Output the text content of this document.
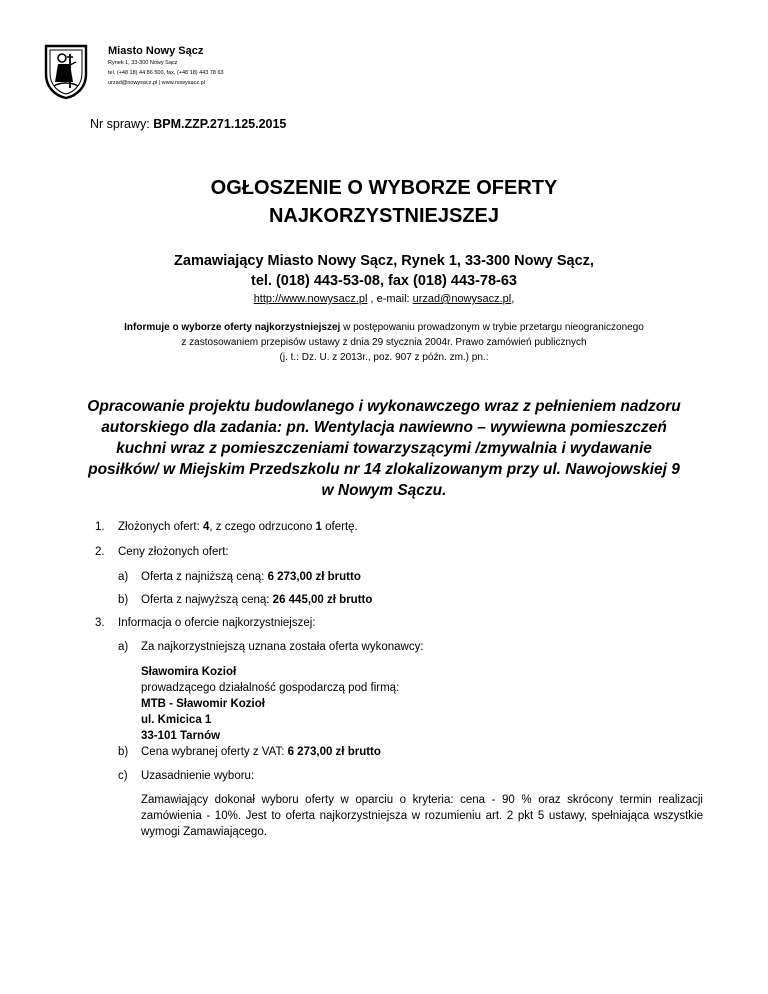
Miasto Nowy Sącz
Rynek 1, 33-300 Nowy Sącz
tel. (+48 18) 44 86 500, fax. (+48 18) 443 78 63
urzad@nowysacz.pl | www.nowysacz.pl
Nr sprawy: BPM.ZZP.271.125.2015
OGŁOSZENIE O WYBORZE OFERTY
NAJKORZYSTNIEJSZEJ
Zamawiający Miasto Nowy Sącz, Rynek 1, 33-300 Nowy Sącz,
tel. (018) 443-53-08, fax (018) 443-78-63
http://www.nowysacz.pl , e-mail: urzad@nowysacz.pl,
Informuje o wyborze oferty najkorzystniejszej w postępowaniu prowadzonym w trybie przetargu nieograniczonego
z zastosowaniem przepisów ustawy z dnia 29 stycznia 2004r. Prawo zamówień publicznych
(j. t.: Dz. U. z 2013r., poz. 907 z późn. zm.) pn.:
Opracowanie projektu budowlanego i wykonawczego wraz z pełnieniem nadzoru
autorskiego dla zadania: pn. Wentylacja nawiewno – wywiewna pomieszczeń
kuchni wraz z pomieszczeniami towarzyszącymi /zmywalnia i wydawanie
posiłków/ w Miejskim Przedszkolu nr 14 zlokalizowanym przy ul. Nawojowskiej 9
w Nowym Sączu.
1.	Złożonych ofert: 4, z czego odrzucono 1 ofertę.
2.	Ceny złożonych ofert:
a)	Oferta z najniższą ceną: 6 273,00 zł brutto
b)	Oferta z najwyższą ceną: 26 445,00 zł brutto
3.	Informacja o ofercie najkorzystniejszej:
a)	Za najkorzystniejszą uznana została oferta wykonawcy:
b)	Cena wybranej oferty z VAT: 6 273,00 zł brutto
c)	Uzasadnienie wyboru:
Sławomira Kozioł
prowadzącego działalność gospodarczą pod firmą:
MTB - Sławomir Kozioł
ul. Kmicica 1
33-101 Tarnów
Zamawiający dokonał wyboru oferty w oparciu o kryteria: cena - 90 % oraz skrócony termin realizacji zamówienia - 10%. Jest to oferta najkorzystniejsza w rozumieniu art. 2 pkt 5 ustawy, spełniająca wszystkie wymogi Zamawiającego.
